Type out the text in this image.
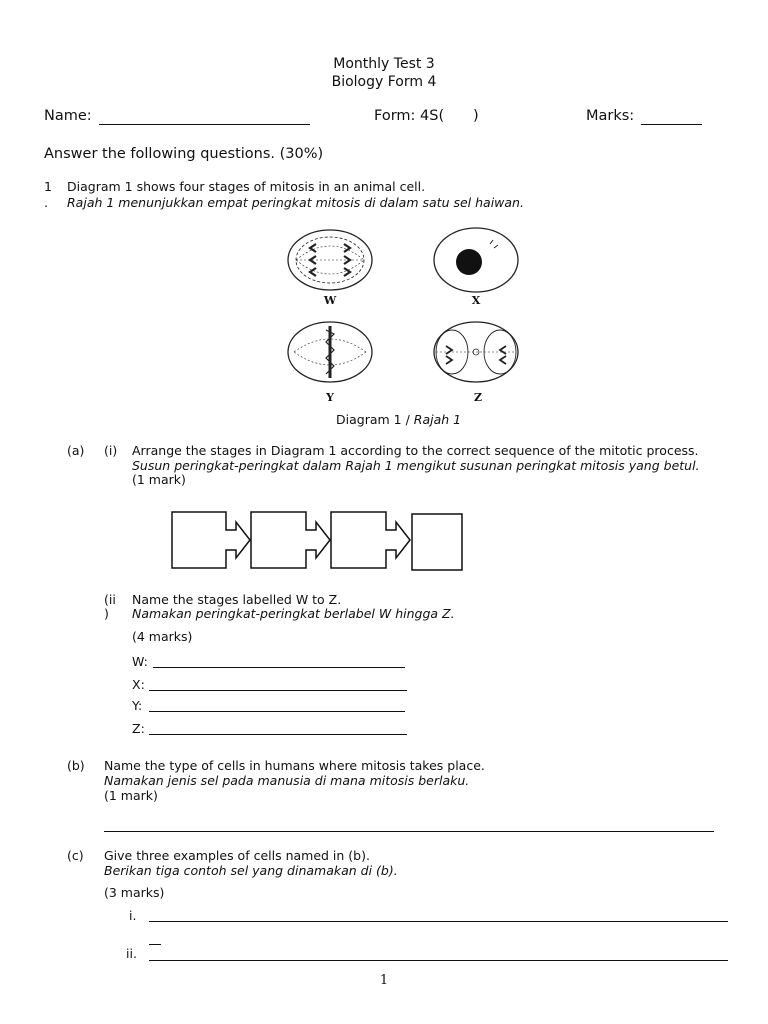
Monthly Test 3
Biology Form 4
Name:	Form: 4S( )	Marks:
Answer the following questions. (30%)
1
.
Diagram 1 shows four stages of mitosis in an animal cell.
Rajah 1 menunjukkan empat peringkat mitosis di dalam satu sel haiwan.
W	X
Y	Z
Diagram 1 / Rajah 1
(a) (i) Arrange the stages in Diagram 1 according to the correct sequence of the mitotic process.
Susun peringkat-peringkat dalam Rajah 1 mengikut susunan peringkat mitosis yang betul.
(1 mark)
(ii
)
Name the stages labelled W to Z.
Namakan peringkat-peringkat berlabel W hingga Z.
(4 marks)
W:
X:
Y:
Z:
(b) Name the type of cells in humans where mitosis takes place.
Namakan jenis sel pada manusia di mana mitosis berlaku.
(1 mark)
(c) Give three examples of cells named in (b).
Berikan tiga contoh sel yang dinamakan di (b).
(3 marks)
i.
ii.
1
